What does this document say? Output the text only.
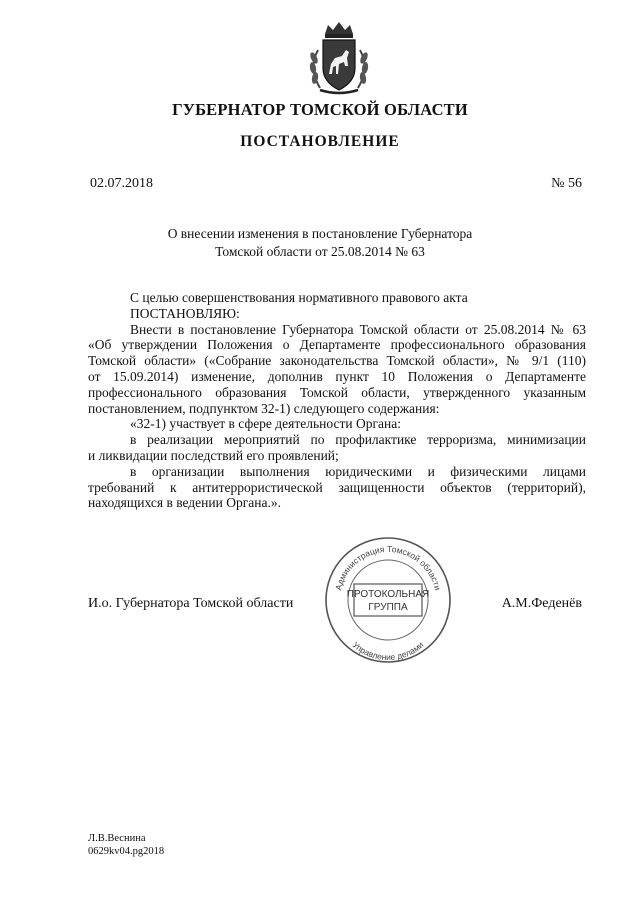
ГУБЕРНАТОР ТОМСКОЙ ОБЛАСТИ
ПОСТАНОВЛЕНИЕ
02.07.2018	№ 56
О внесении изменения в постановление Губернатора
Томской области от 25.08.2014 № 63

С целью совершенствования нормативного правового акта

ПОСТАНОВЛЯЮ:

Внести в постановление Губернатора Томской области от 25.08.2014 № 63

«Об утверждении Положения о Департаменте профессионального образования

Томской области» («Собрание законодательства Томской области», № 9/1 (110)

от 15.09.2014) изменение, дополнив пункт 10 Положения о Департаменте

профессионального образования Томской области, утвержденного указанным

постановлением, подпунктом 32-1) следующего содержания:

«32-1) участвует в сфере деятельности Органа:

в реализации мероприятий по профилактике терроризма, минимизации

и ликвидации последствий его проявлений;

в организации выполнения юридическими и физическими лицами

требований к антитеррористической защищенности объектов (территорий),

находящихся в ведении Органа.».

И.о. Губернатора Томской области	А.М.Феденёв
Администрация Томской области
Управление делами
ПРОТОКОЛЬНАЯ
ГРУППА
Л.В.Веснина
0629kv04.pg2018
